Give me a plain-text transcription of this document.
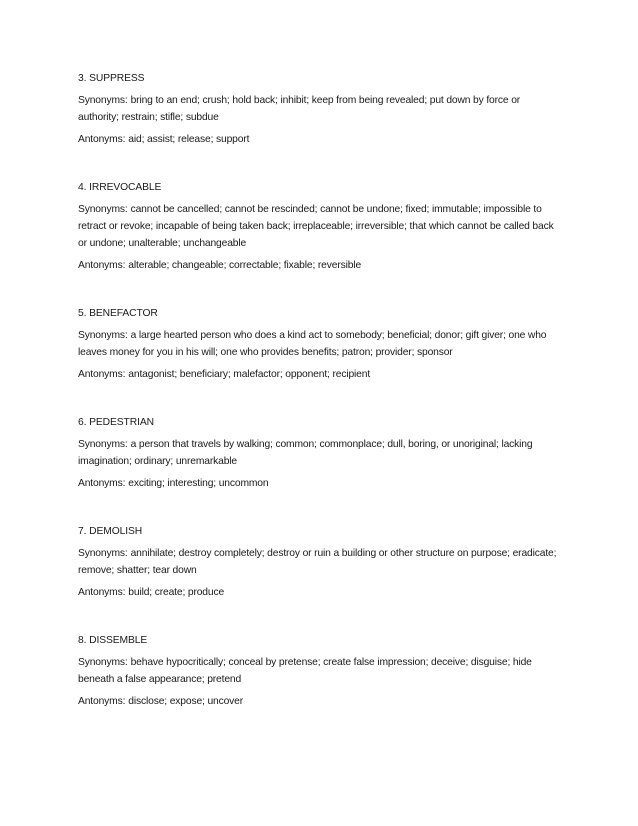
3. SUPPRESS
Synonyms: bring to an end; crush; hold back; inhibit; keep from being revealed; put down by force or authority; restrain; stifle; subdue
Antonyms: aid; assist; release; support
4. IRREVOCABLE
Synonyms: cannot be cancelled; cannot be rescinded; cannot be undone; fixed; immutable; impossible to retract or revoke; incapable of being taken back; irreplaceable; irreversible; that which cannot be called back or undone; unalterable; unchangeable
Antonyms: alterable; changeable; correctable; fixable; reversible
5. BENEFACTOR
Synonyms: a large hearted person who does a kind act to somebody; beneficial; donor; gift giver; one who leaves money for you in his will; one who provides benefits; patron; provider; sponsor
Antonyms: antagonist; beneficiary; malefactor; opponent; recipient
6. PEDESTRIAN
Synonyms: a person that travels by walking; common; commonplace; dull, boring, or unoriginal; lacking imagination; ordinary; unremarkable
Antonyms: exciting; interesting; uncommon
7. DEMOLISH
Synonyms: annihilate; destroy completely; destroy or ruin a building or other structure on purpose; eradicate; remove; shatter; tear down
Antonyms: build; create; produce
8. DISSEMBLE
Synonyms: behave hypocritically; conceal by pretense; create false impression; deceive; disguise; hide beneath a false appearance; pretend
Antonyms: disclose; expose; uncover
